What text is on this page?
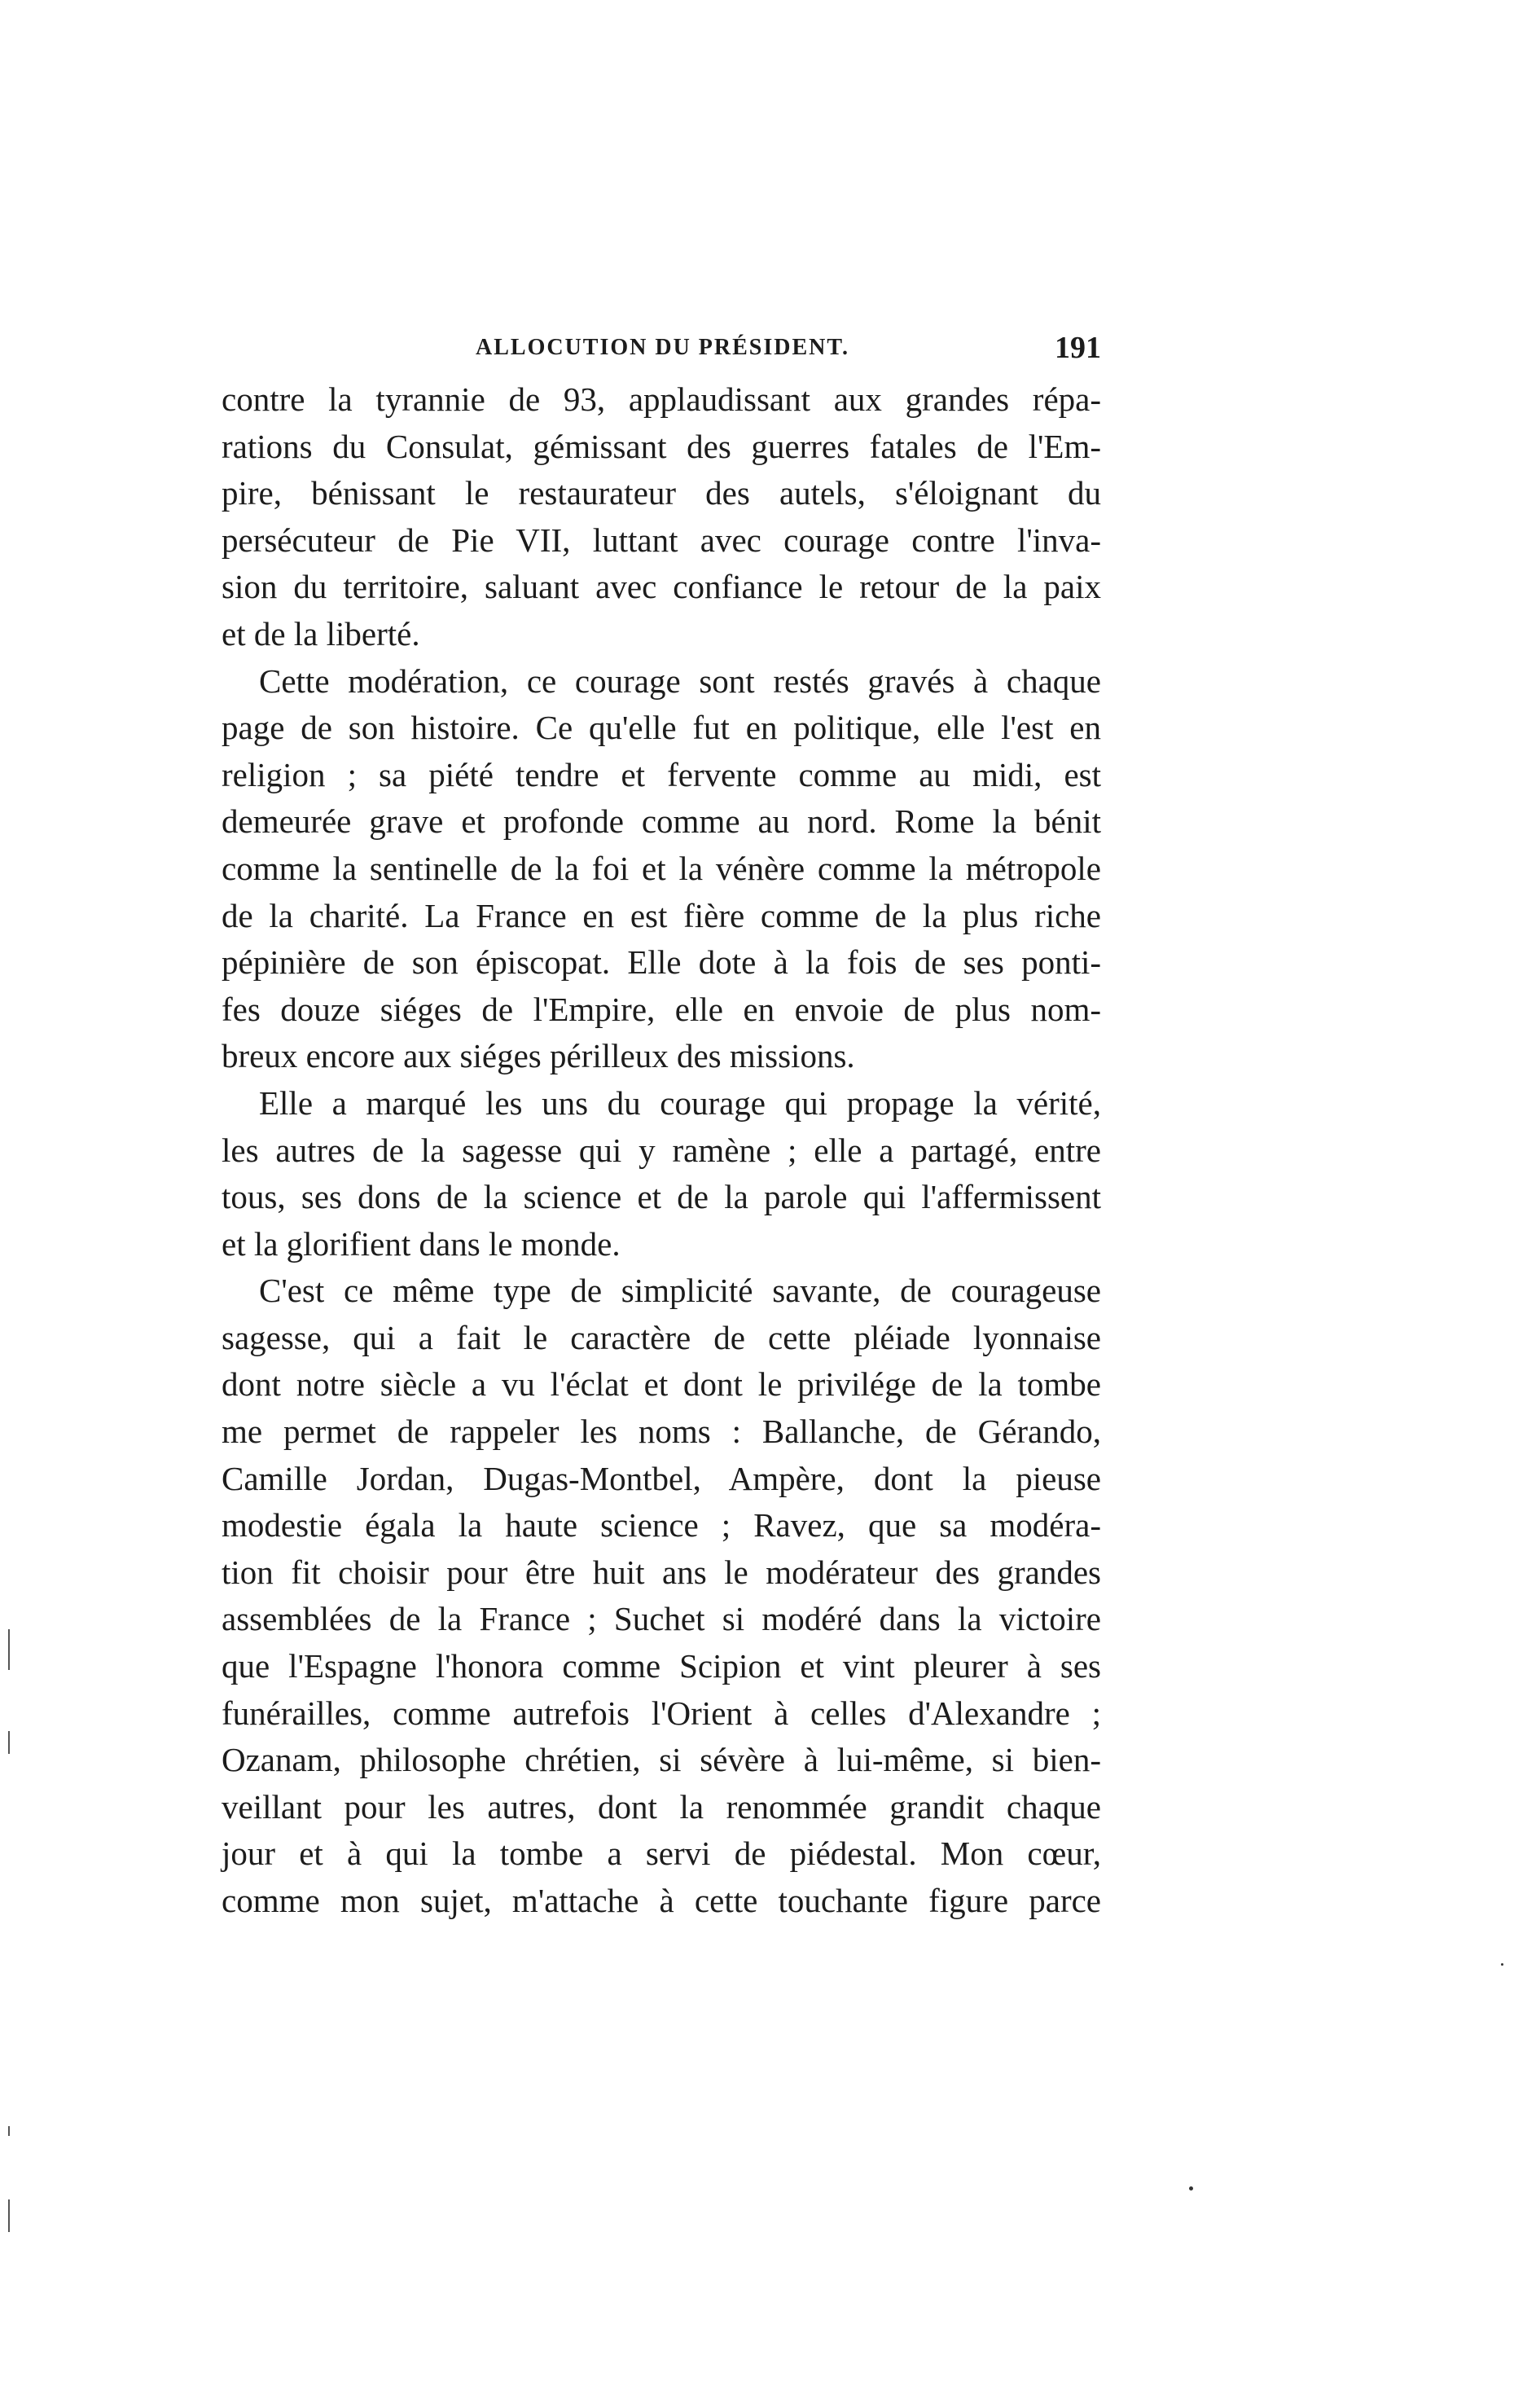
ALLOCUTION DU PRÉSIDENT.	191
contre la tyrannie de 93, applaudissant aux grandes répa-
rations du Consulat, gémissant des guerres fatales de l'Em-
pire, bénissant le restaurateur des autels, s'éloignant du
persécuteur de Pie VII, luttant avec courage contre l'inva-
sion du territoire, saluant avec confiance le retour de la paix
et de la liberté.
Cette modération, ce courage sont restés gravés à chaque
page de son histoire. Ce qu'elle fut en politique, elle l'est en
religion ; sa piété tendre et fervente comme au midi, est
demeurée grave et profonde comme au nord. Rome la bénit
comme la sentinelle de la foi et la vénère comme la métropole
de la charité. La France en est fière comme de la plus riche
pépinière de son épiscopat. Elle dote à la fois de ses ponti-
fes douze siéges de l'Empire, elle en envoie de plus nom-
breux encore aux siéges périlleux des missions.
Elle a marqué les uns du courage qui propage la vérité,
les autres de la sagesse qui y ramène ; elle a partagé, entre
tous, ses dons de la science et de la parole qui l'affermissent
et la glorifient dans le monde.
C'est ce même type de simplicité savante, de courageuse
sagesse, qui a fait le caractère de cette pléiade lyonnaise
dont notre siècle a vu l'éclat et dont le privilége de la tombe
me permet de rappeler les noms : Ballanche, de Gérando,
Camille Jordan, Dugas-Montbel, Ampère, dont la pieuse
modestie égala la haute science ; Ravez, que sa modéra-
tion fit choisir pour être huit ans le modérateur des grandes
assemblées de la France ; Suchet si modéré dans la victoire
que l'Espagne l'honora comme Scipion et vint pleurer à ses
funérailles, comme autrefois l'Orient à celles d'Alexandre ;
Ozanam, philosophe chrétien, si sévère à lui-même, si bien-
veillant pour les autres, dont la renommée grandit chaque
jour et à qui la tombe a servi de piédestal. Mon cœur,
comme mon sujet, m'attache à cette touchante figure parce
